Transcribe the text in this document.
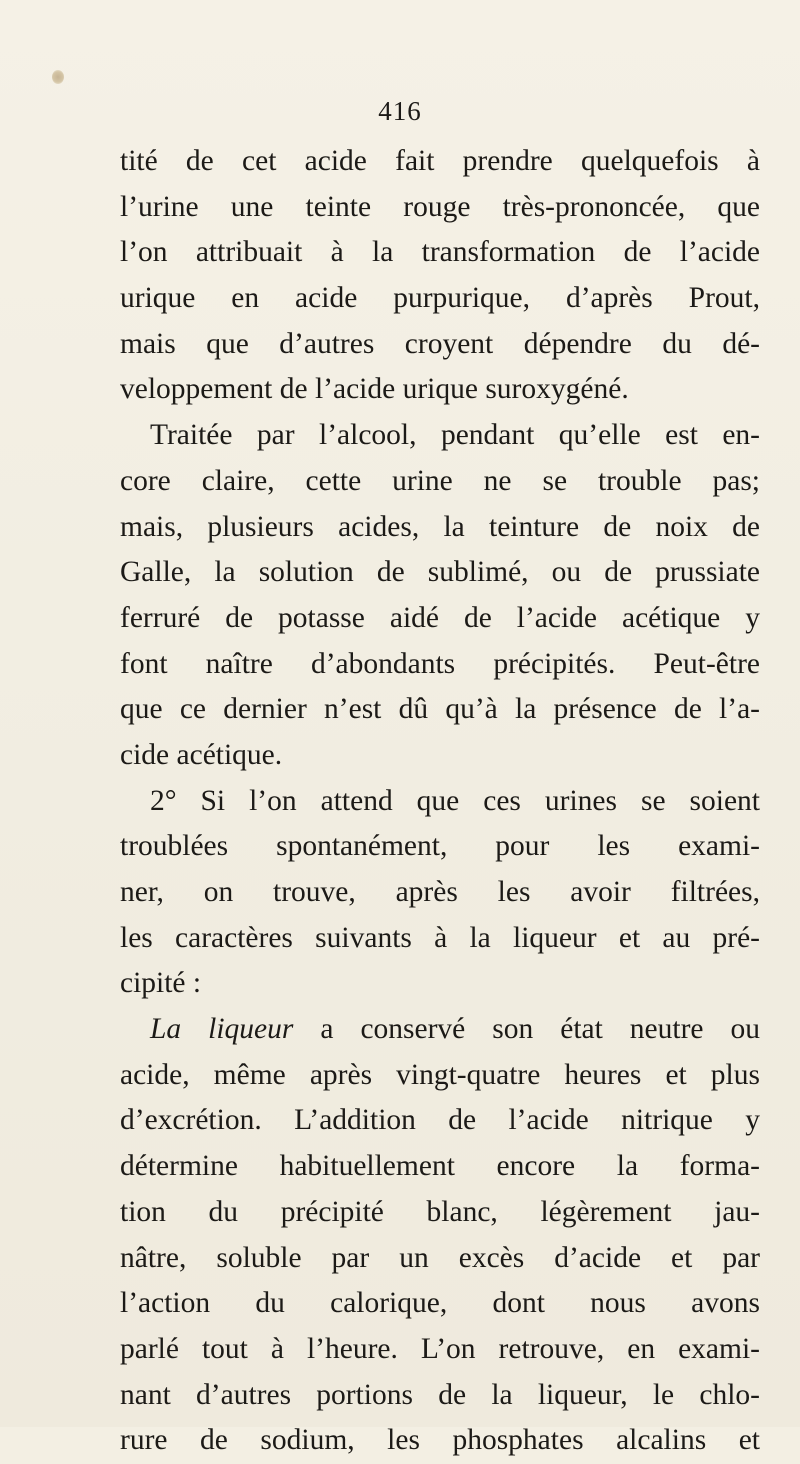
416
tité de cet acide fait prendre quelquefois à
l’urine une teinte rouge très-prononcée, que
l’on attribuait à la transformation de l’acide
urique en acide purpurique, d’après Prout,
mais que d’autres croyent dépendre du dé-
veloppement de l’acide urique suroxygéné.
Traitée par l’alcool, pendant qu’elle est en-
core claire, cette urine ne se trouble pas;
mais, plusieurs acides, la teinture de noix de
Galle, la solution de sublimé, ou de prussiate
ferruré de potasse aidé de l’acide acétique y
font naître d’abondants précipités. Peut-être
que ce dernier n’est dû qu’à la présence de l’a-
cide acétique.
2° Si l’on attend que ces urines se soient
troublées spontanément, pour les exami-
ner, on trouve, après les avoir filtrées,
les caractères suivants à la liqueur et au pré-
cipité :
La liqueur a conservé son état neutre ou
acide, même après vingt-quatre heures et plus
d’excrétion. L’addition de l’acide nitrique y
détermine habituellement encore la forma-
tion du précipité blanc, légèrement jau-
nâtre, soluble par un excès d’acide et par
l’action du calorique, dont nous avons
parlé tout à l’heure. L’on retrouve, en exami-
nant d’autres portions de la liqueur, le chlo-
rure de sodium, les phosphates alcalins et
